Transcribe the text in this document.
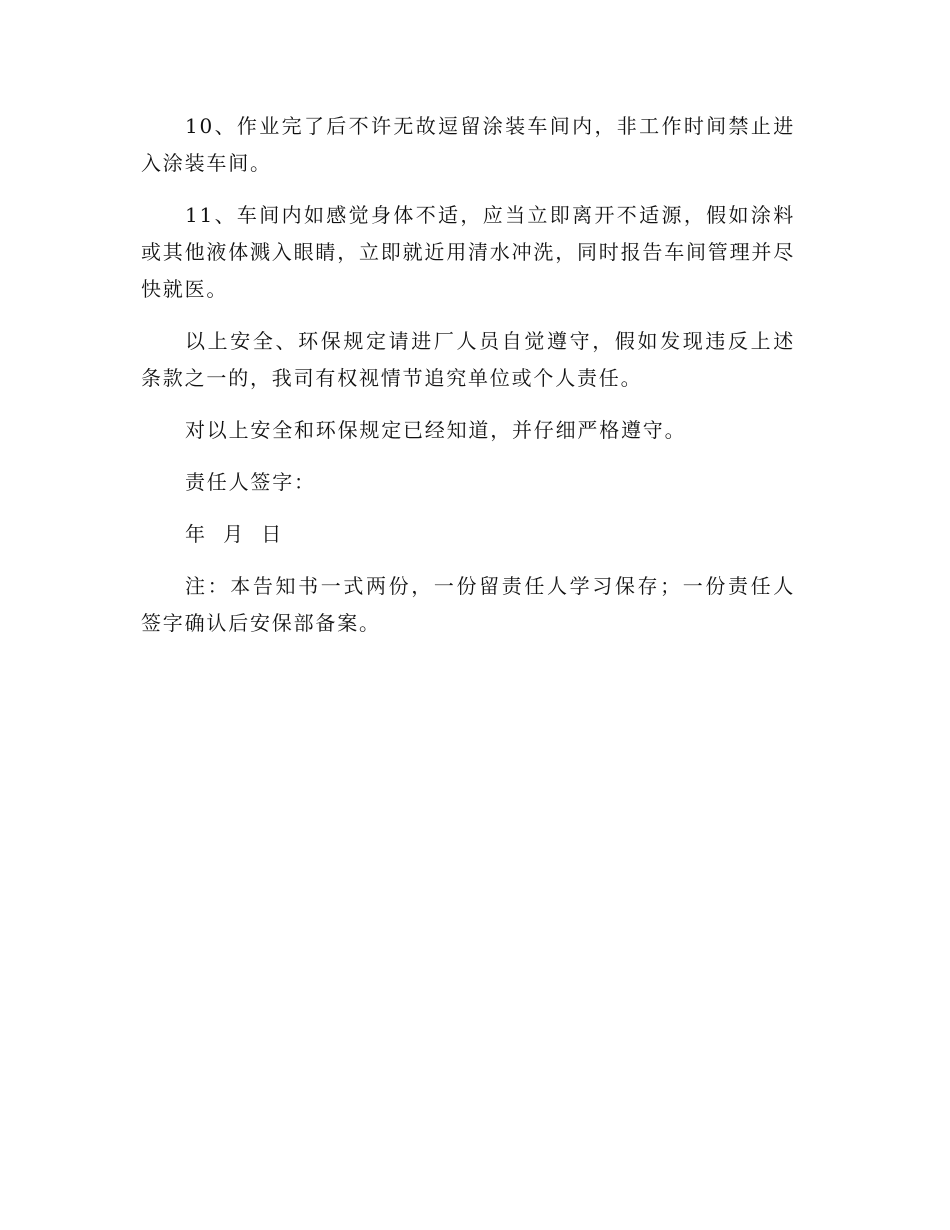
10、作业完了后不许无故逗留涂装车间内，非工作时间禁止进入涂装车间。

11、车间内如感觉身体不适，应当立即离开不适源，假如涂料或其他液体溅入眼睛，立即就近用清水冲洗，同时报告车间管理并尽快就医。

以上安全、环保规定请进厂人员自觉遵守，假如发现违反上述条款之一的，我司有权视情节追究单位或个人责任。

对以上安全和环保规定已经知道，并仔细严格遵守。

责任人签字：

年  月  日

注：本告知书一式两份，一份留责任人学习保存；一份责任人签字确认后安保部备案。
